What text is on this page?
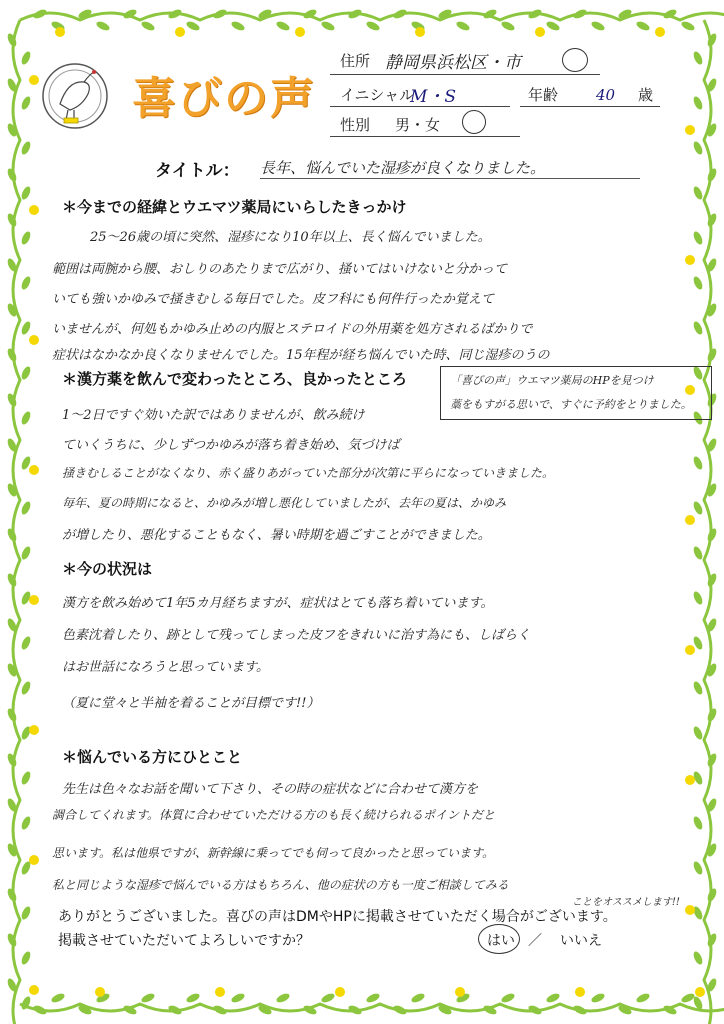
喜びの声
住所 静岡県浜松区・市
イニシャル
M・S	年齢	40 歳
性別 男・女
タイトル： 長年、悩んでいた湿疹が良くなりました。
＊今までの経緯とウエマツ薬局にいらしたきっかけ
25～26歳の頃に突然、湿疹になり10年以上、長く悩んでいました。
範囲は両腕から腰、おしりのあたりまで広がり、掻いてはいけないと分かって
いても強いかゆみで掻きむしる毎日でした。皮フ科にも何件行ったか覚えて
いませんが、何処もかゆみ止めの内服とステロイドの外用薬を処方されるばかりで
症状はなかなか良くなりませんでした。15年程が経ち悩んでいた時、同じ湿疹のうの
＊漢方薬を飲んで変わったところ、良かったところ	「喜びの声」ウエマツ薬局のHPを見つけ
藁をもすがる思いで、すぐに予約をとりました。
1～2日ですぐ効いた訳ではありませんが、飲み続け
ていくうちに、少しずつかゆみが落ち着き始め、気づけば
掻きむしることがなくなり、赤く盛りあがっていた部分が次第に平らになっていきました。
毎年、夏の時期になると、かゆみが増し悪化していましたが、去年の夏は、かゆみ
が増したり、悪化することもなく、暑い時期を過ごすことができました。
＊今の状況は
漢方を飲み始めて1年5カ月経ちますが、症状はとても落ち着いています。
色素沈着したり、跡として残ってしまった皮フをきれいに治す為にも、しばらく
はお世話になろうと思っています。
（夏に堂々と半袖を着ることが目標です!!）
＊悩んでいる方にひとこと
先生は色々なお話を聞いて下さり、その時の症状などに合わせて漢方を
調合してくれます。体質に合わせていただける方のも長く続けられるポイントだと
思います。私は他県ですが、新幹線に乗ってでも伺って良かったと思っています。
私と同じような湿疹で悩んでいる方はもちろん、他の症状の方も一度ご相談してみる
ことをオススメします!!
ありがとうございました。喜びの声はDMやHPに掲載させていただく場合がございます。
掲載させていただいてよろしいですか？	はい ／ いいえ
